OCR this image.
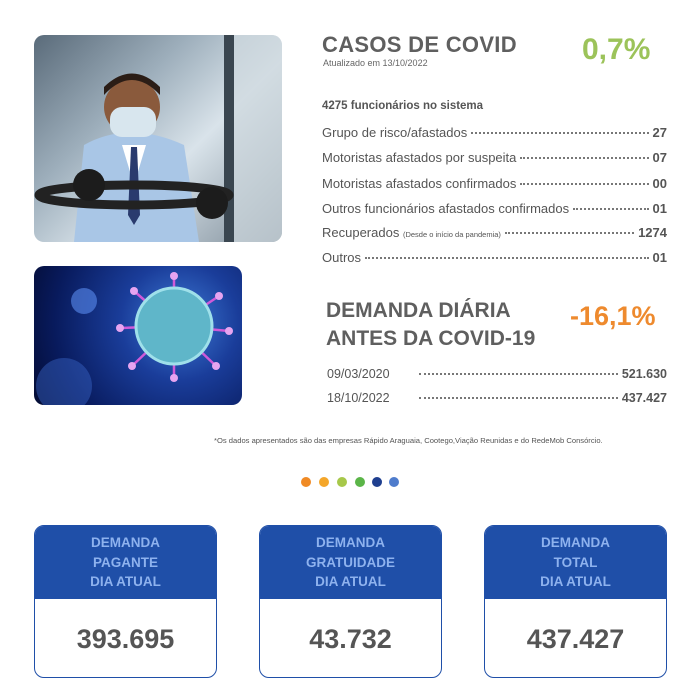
CASOS DE COVID
Atualizado em 13/10/2022	0,7%
4275 funcionários no sistema
Grupo de risco/afastados	27
Motoristas afastados por suspeita	07
Motoristas afastados confirmados	00
Outros funcionários afastados confirmados	01
Recuperados (Desde o início da pandemia)	1274
Outros	01
DEMANDA DIÁRIA
ANTES DA COVID-19
-16,1%
09/03/2020	521.630
18/10/2022	437.427
*Os dados apresentados são das empresas Rápido Araguaia, Cootego,Viação Reunidas e do RedeMob Consórcio.
DEMANDA
PAGANTE
DIA ATUAL
393.695
DEMANDA
GRATUIDADE
DIA ATUAL
43.732
DEMANDA
TOTAL
DIA ATUAL
437.427
